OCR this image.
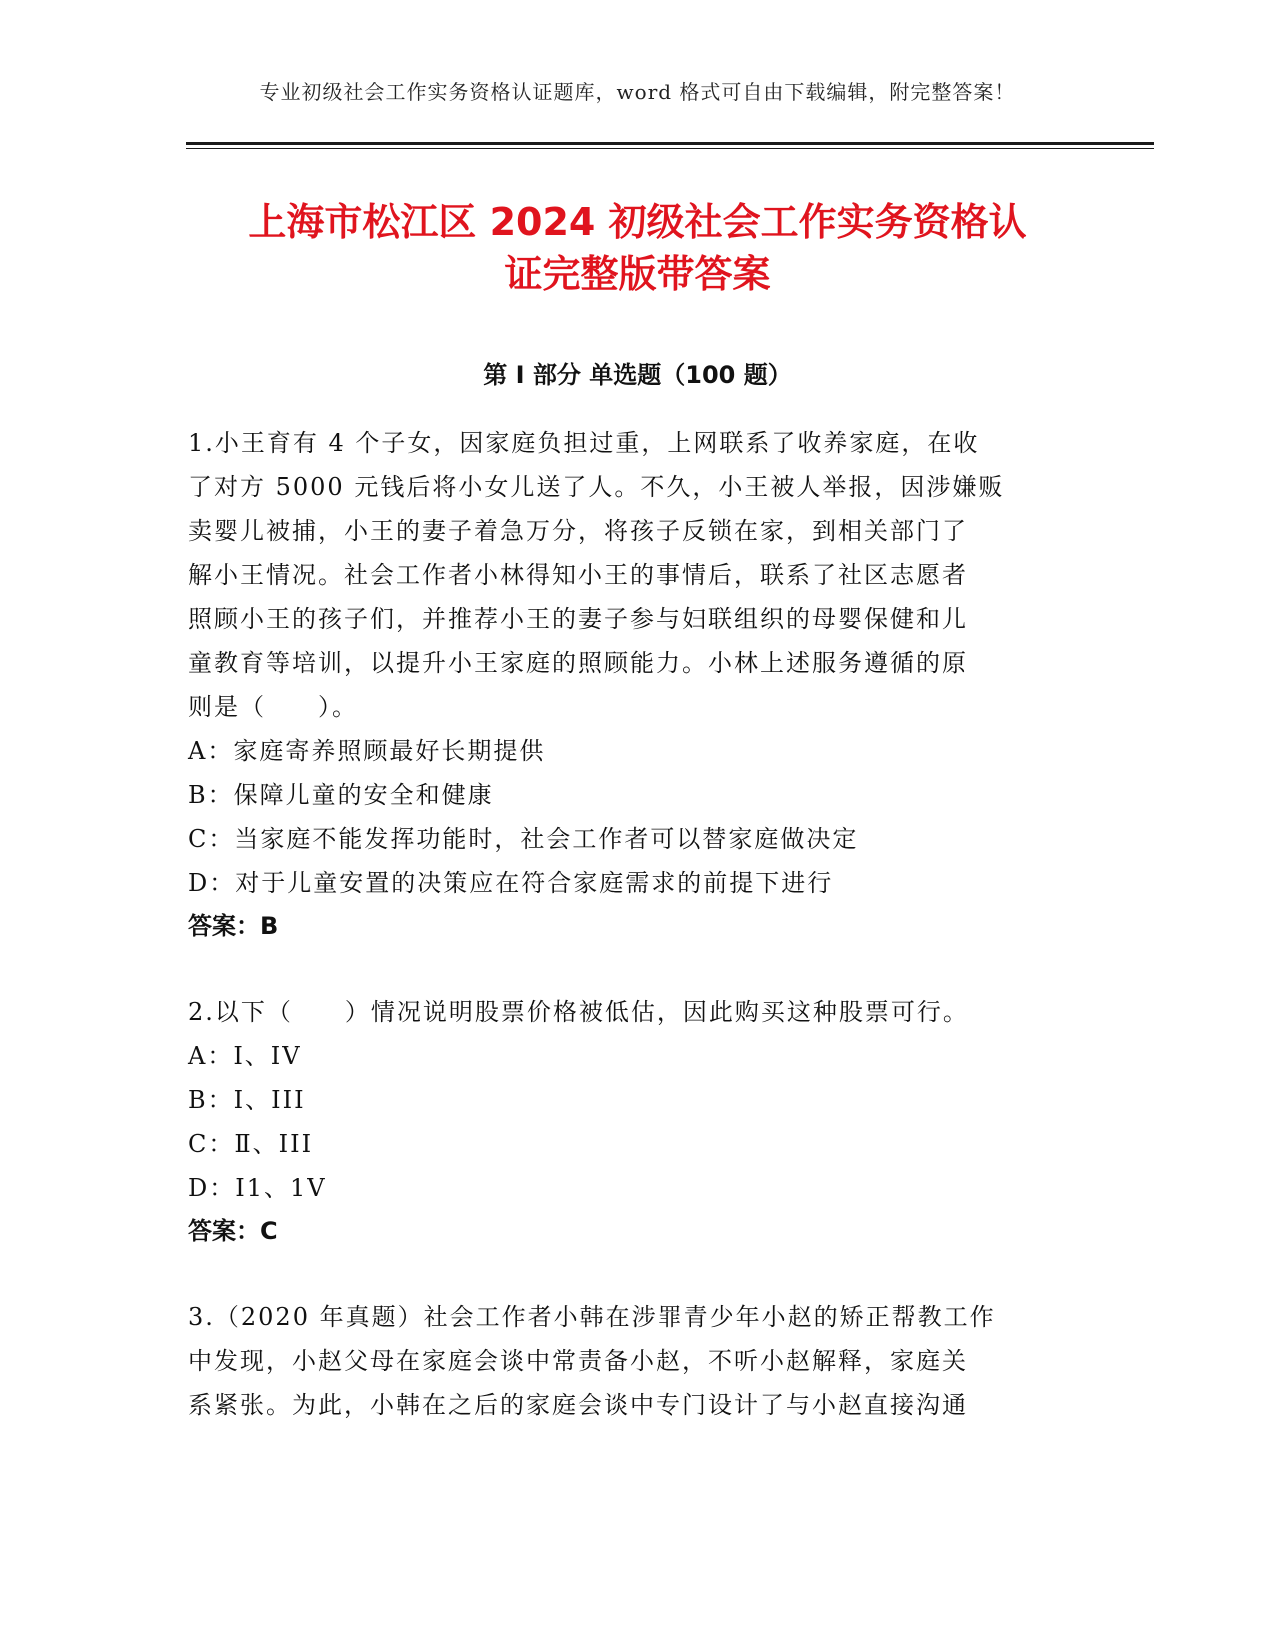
专业初级社会工作实务资格认证题库，word 格式可自由下载编辑，附完整答案！
上海市松江区 2024 初级社会工作实务资格认
证完整版带答案
第 I 部分 单选题（100 题）
1.小王育有 4 个子女，因家庭负担过重，上网联系了收养家庭，在收
了对方 5000 元钱后将小女儿送了人。不久，小王被人举报，因涉嫌贩
卖婴儿被捕，小王的妻子着急万分，将孩子反锁在家，到相关部门了
解小王情况。社会工作者小林得知小王的事情后，联系了社区志愿者
照顾小王的孩子们，并推荐小王的妻子参与妇联组织的母婴保健和儿
童教育等培训，以提升小王家庭的照顾能力。小林上述服务遵循的原
则是（　　）。
A：家庭寄养照顾最好长期提供
B：保障儿童的安全和健康
C：当家庭不能发挥功能时，社会工作者可以替家庭做决定
D：对于儿童安置的决策应在符合家庭需求的前提下进行
答案：B
2.以下（　　）情况说明股票价格被低估，因此购买这种股票可行。
A：I、IV
B：I、III
C：Ⅱ、III
D：I1、1V
答案：C
3.（2020 年真题）社会工作者小韩在涉罪青少年小赵的矫正帮教工作
中发现，小赵父母在家庭会谈中常责备小赵，不听小赵解释，家庭关
系紧张。为此，小韩在之后的家庭会谈中专门设计了与小赵直接沟通
